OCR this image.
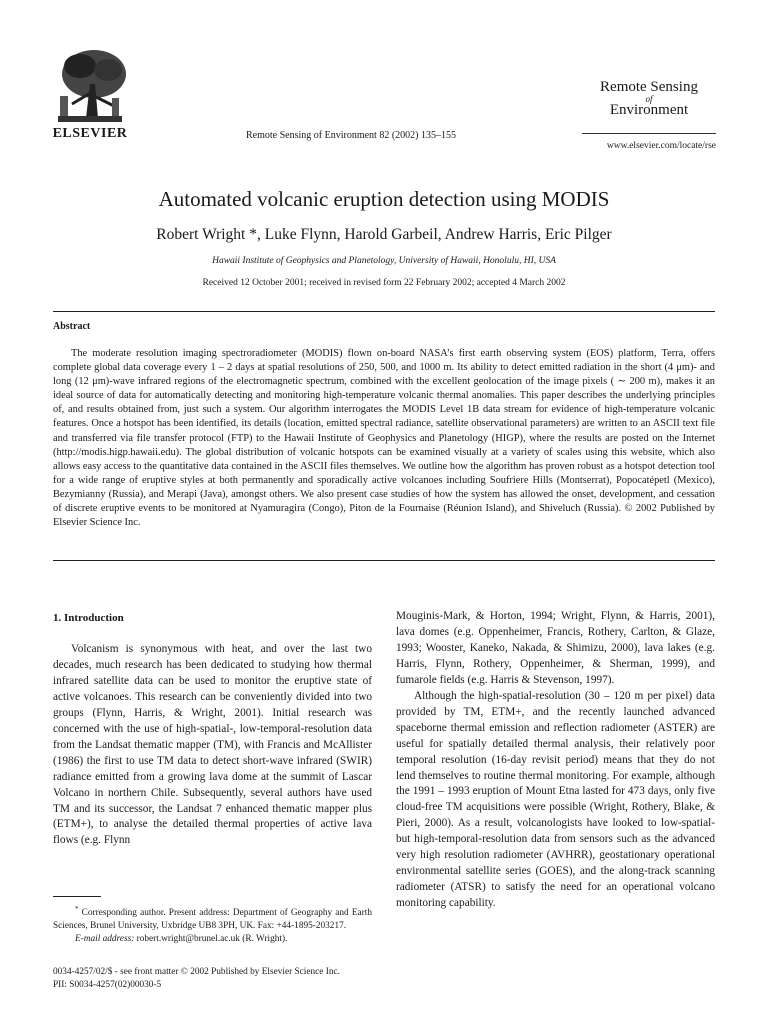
ELSEVIER	Remote Sensing of Environment 82 (2002) 135–155
Remote Sensing
of
Environment
www.elsevier.com/locate/rse
Automated volcanic eruption detection using MODIS
Robert Wright *, Luke Flynn, Harold Garbeil, Andrew Harris, Eric Pilger
Hawaii Institute of Geophysics and Planetology, University of Hawaii, Honolulu, HI, USA
Received 12 October 2001; received in revised form 22 February 2002; accepted 4 March 2002
Abstract

The moderate resolution imaging spectroradiometer (MODIS) flown on-board NASA’s first earth observing system (EOS) platform, Terra, offers complete global data coverage every 1 – 2 days at spatial resolutions of 250, 500, and 1000 m. Its ability to detect emitted radiation in the short (4 μm)- and long (12 μm)-wave infrared regions of the electromagnetic spectrum, combined with the excellent geolocation of the image pixels ( ∼ 200 m), makes it an ideal source of data for automatically detecting and monitoring high-temperature volcanic thermal anomalies. This paper describes the underlying principles of, and results obtained from, just such a system. Our algorithm interrogates the MODIS Level 1B data stream for evidence of high-temperature volcanic features. Once a hotspot has been identified, its details (location, emitted spectral radiance, satellite observational parameters) are written to an ASCII text file and transferred via file transfer protocol (FTP) to the Hawaii Institute of Geophysics and Planetology (HIGP), where the results are posted on the Internet (http://modis.higp.hawaii.edu). The global distribution of volcanic hotspots can be examined visually at a variety of scales using this website, which also allows easy access to the quantitative data contained in the ASCII files themselves. We outline how the algorithm has proven robust as a hotspot detection tool for a wide range of eruptive styles at both permanently and sporadically active volcanoes including Soufriere Hills (Montserrat), Popocatépetl (Mexico), Bezymianny (Russia), and Merapi (Java), amongst others. We also present case studies of how the system has allowed the onset, development, and cessation of discrete eruptive events to be monitored at Nyamuragira (Congo), Piton de la Fournaise (Réunion Island), and Shiveluch (Russia). © 2002 Published by Elsevier Science Inc.

1. Introduction

Volcanism is synonymous with heat, and over the last two decades, much research has been dedicated to studying how thermal infrared satellite data can be used to monitor the eruptive state of active volcanoes. This research can be conveniently divided into two groups (Flynn, Harris, & Wright, 2001). Initial research was concerned with the use of high-spatial-, low-temporal-resolution data from the Landsat thematic mapper (TM), with Francis and McAllister (1986) the first to use TM data to detect short-wave infrared (SWIR) radiance emitted from a growing lava dome at the summit of Lascar Volcano in northern Chile. Subsequently, several authors have used TM and its successor, the Landsat 7 enhanced thematic mapper plus (ETM+), to analyse the detailed thermal properties of active lava flows (e.g. Flynn

Mouginis-Mark, & Horton, 1994; Wright, Flynn, & Harris, 2001), lava domes (e.g. Oppenheimer, Francis, Rothery, Carlton, & Glaze, 1993; Wooster, Kaneko, Nakada, & Shimizu, 2000), lava lakes (e.g. Harris, Flynn, Rothery, Oppenheimer, & Sherman, 1999), and fumarole fields (e.g. Harris & Stevenson, 1997).

Although the high-spatial-resolution (30 – 120 m per pixel) data provided by TM, ETM+, and the recently launched advanced spaceborne thermal emission and reflection radiometer (ASTER) are useful for spatially detailed thermal analysis, their relatively poor temporal resolution (16-day revisit period) means that they do not lend themselves to routine thermal monitoring. For example, although the 1991 – 1993 eruption of Mount Etna lasted for 473 days, only five cloud-free TM acquisitions were possible (Wright, Rothery, Blake, & Pieri, 2000). As a result, volcanologists have looked to low-spatial- but high-temporal-resolution data from sensors such as the advanced very high resolution radiometer (AVHRR), geostationary operational environmental satellite series (GOES), and the along-track scanning radiometer (ATSR) to satisfy the need for an operational volcano monitoring capability.

* Corresponding author. Present address: Department of Geography and Earth Sciences, Brunel University, Uxbridge UB8 3PH, UK. Fax: +44-1895-203217.

E-mail address: robert.wright@brunel.ac.uk (R. Wright).

0034-4257/02/$ - see front matter © 2002 Published by Elsevier Science Inc.
PII: S0034-4257(02)00030-5
